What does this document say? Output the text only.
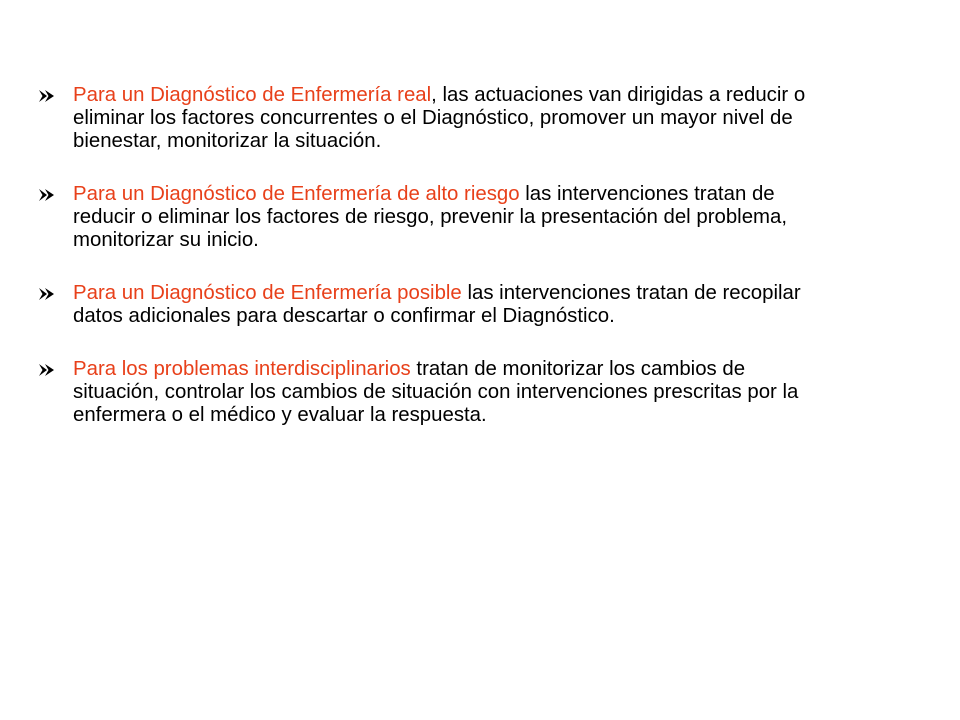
Para un Diagnóstico de Enfermería real, las actuaciones van dirigidas a reducir o eliminar los factores concurrentes o el Diagnóstico, promover un mayor nivel de bienestar, monitorizar la situación.
Para un Diagnóstico de Enfermería de alto riesgo las intervenciones tratan de reducir o eliminar los factores de riesgo, prevenir la presentación del problema, monitorizar su inicio.
Para un Diagnóstico de Enfermería posible las intervenciones tratan de recopilar datos adicionales para descartar o confirmar el Diagnóstico.
Para los problemas interdisciplinarios tratan de monitorizar los cambios de situación, controlar los cambios de situación con intervenciones prescritas por la enfermera o el médico y evaluar la respuesta.
